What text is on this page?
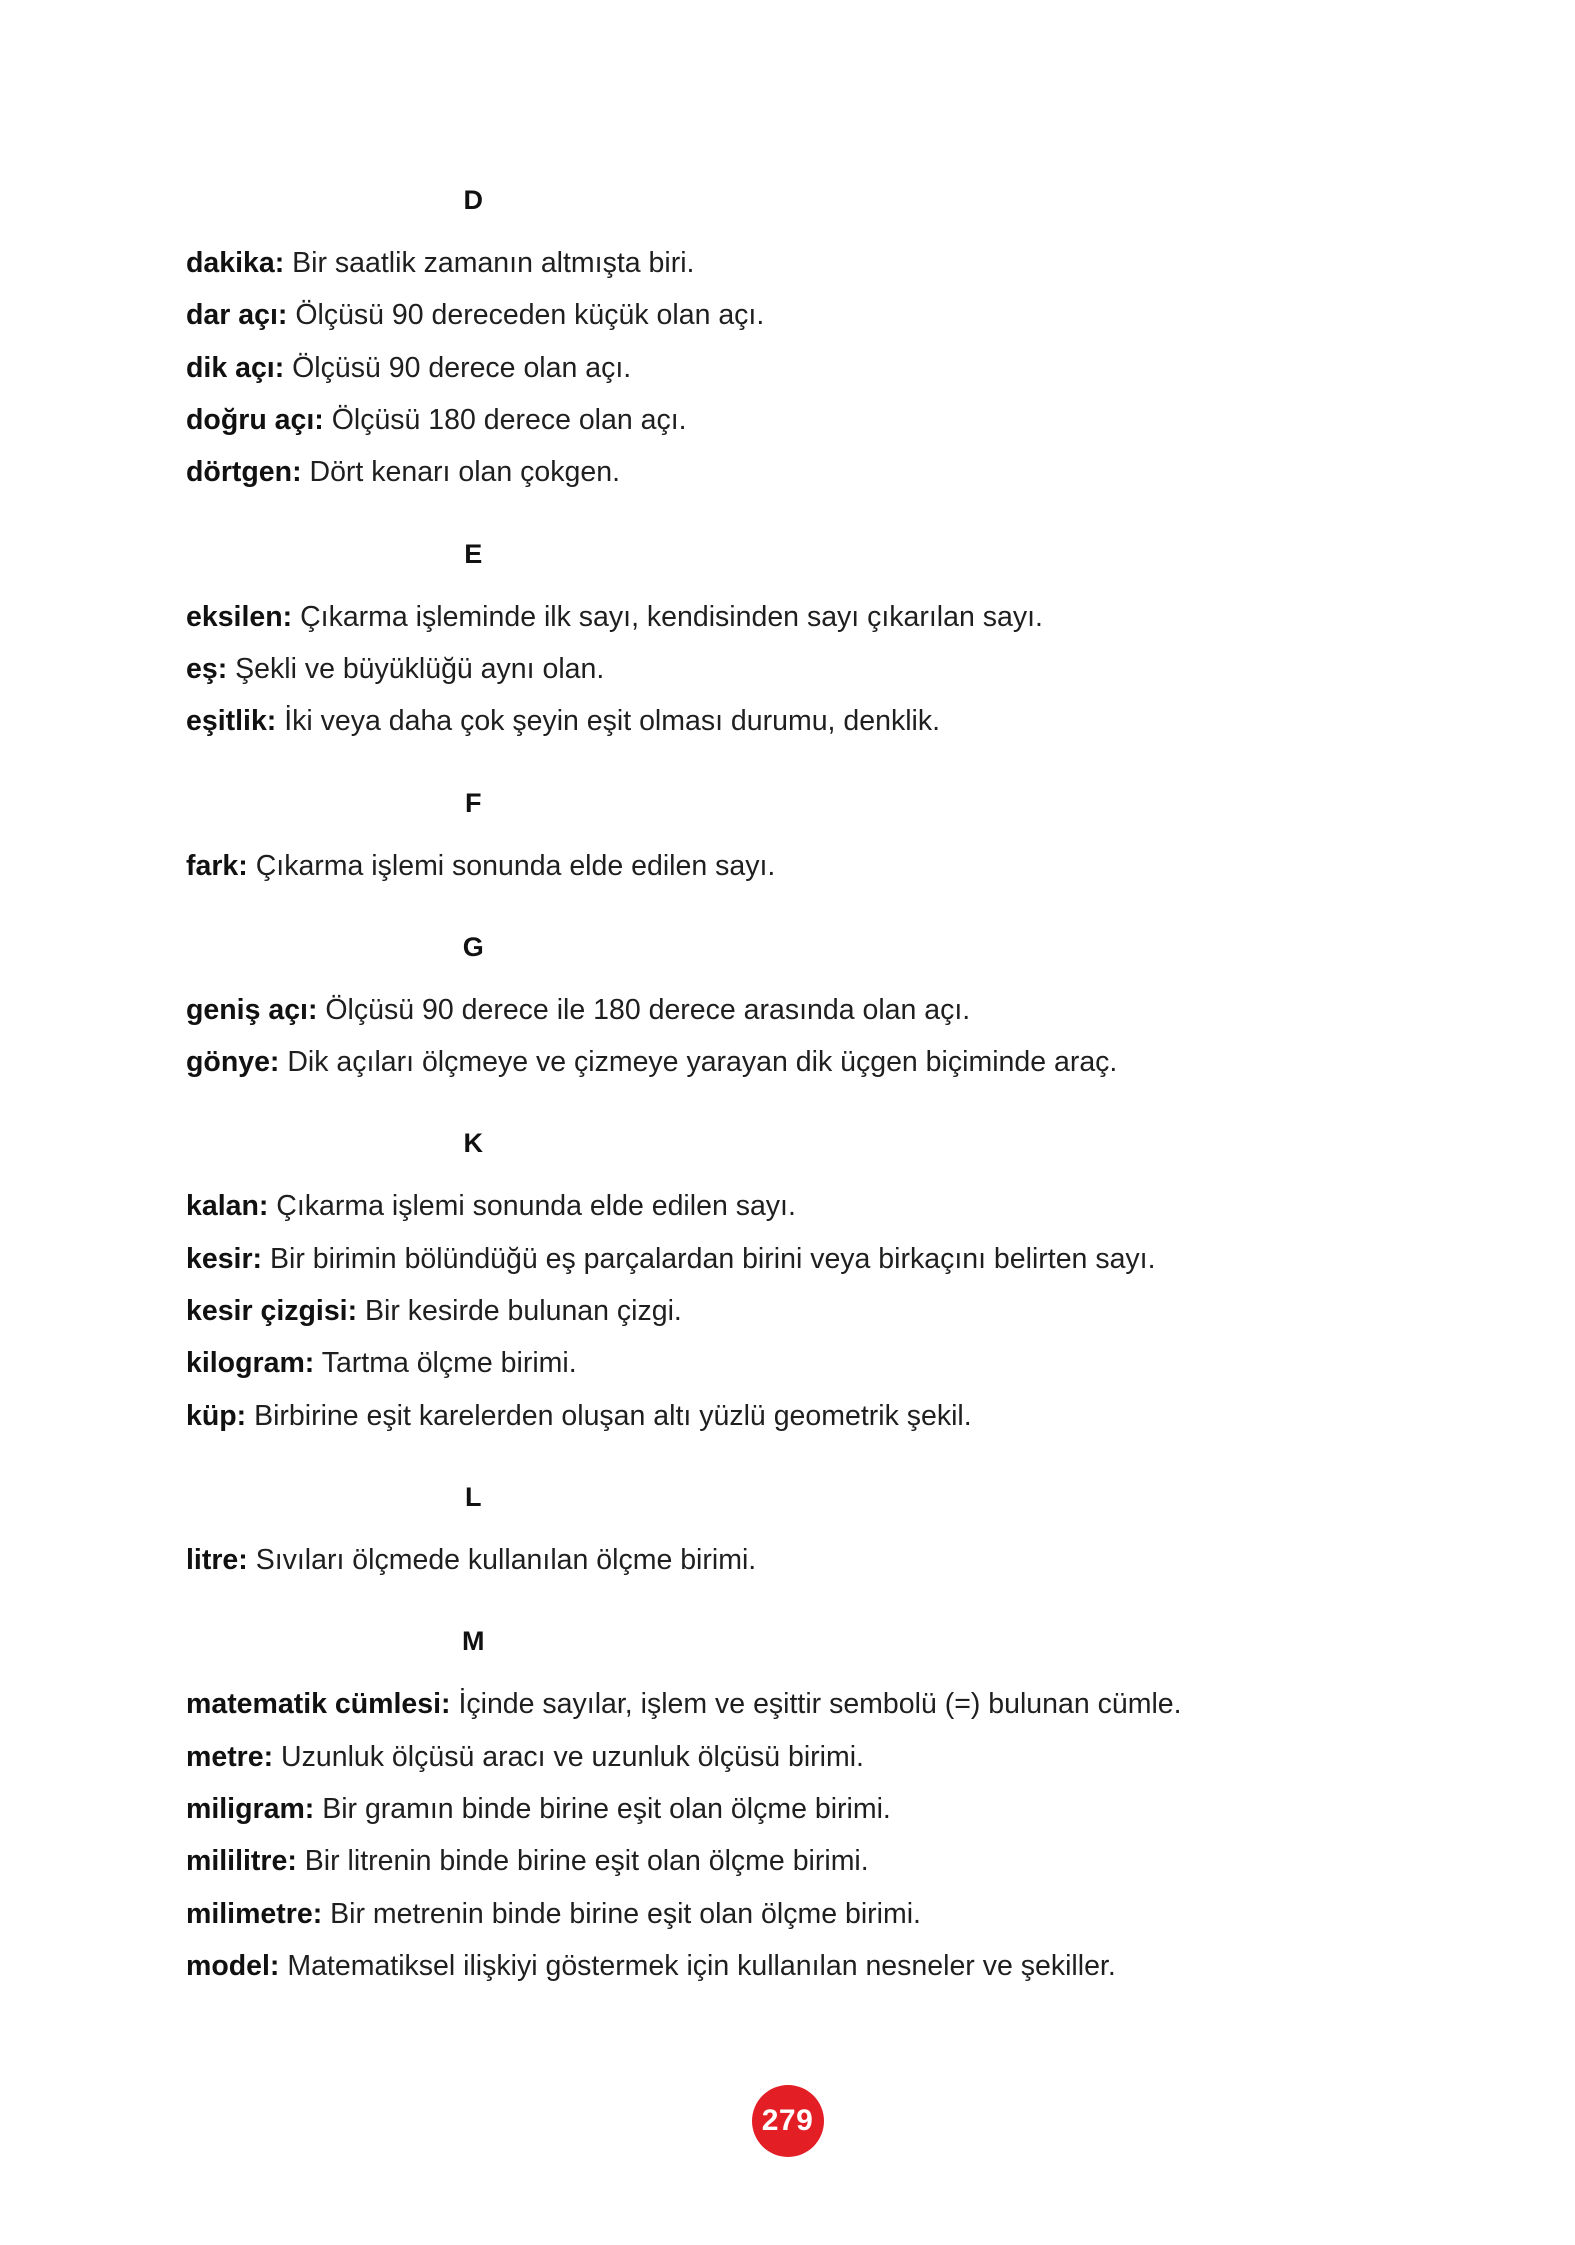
D

dakika: Bir saatlik zamanın altmışta biri.

dar açı: Ölçüsü 90 dereceden küçük olan açı.

dik açı: Ölçüsü 90 derece olan açı.

doğru açı: Ölçüsü 180 derece olan açı.

dörtgen: Dört kenarı olan çokgen.

E

eksilen: Çıkarma işleminde ilk sayı, kendisinden sayı çıkarılan sayı.

eş: Şekli ve büyüklüğü aynı olan.

eşitlik: İki veya daha çok şeyin eşit olması durumu, denklik.

F

fark: Çıkarma işlemi sonunda elde edilen sayı.

G

geniş açı: Ölçüsü 90 derece ile 180 derece arasında olan açı.

gönye: Dik açıları ölçmeye ve çizmeye yarayan dik üçgen biçiminde araç.

K

kalan: Çıkarma işlemi sonunda elde edilen sayı.

kesir: Bir birimin bölündüğü eş parçalardan birini veya birkaçını belirten sayı.

kesir çizgisi: Bir kesirde bulunan çizgi.

kilogram: Tartma ölçme birimi.

küp: Birbirine eşit karelerden oluşan altı yüzlü geometrik şekil.

L

litre: Sıvıları ölçmede kullanılan ölçme birimi.

M

matematik cümlesi: İçinde sayılar, işlem ve eşittir sembolü (=) bulunan cümle.

metre: Uzunluk ölçüsü aracı ve uzunluk ölçüsü birimi.

miligram: Bir gramın binde birine eşit olan ölçme birimi.

mililitre: Bir litrenin binde birine eşit olan ölçme birimi.

milimetre: Bir metrenin binde birine eşit olan ölçme birimi.

model: Matematiksel ilişkiyi göstermek için kullanılan nesneler ve şekiller.

279
